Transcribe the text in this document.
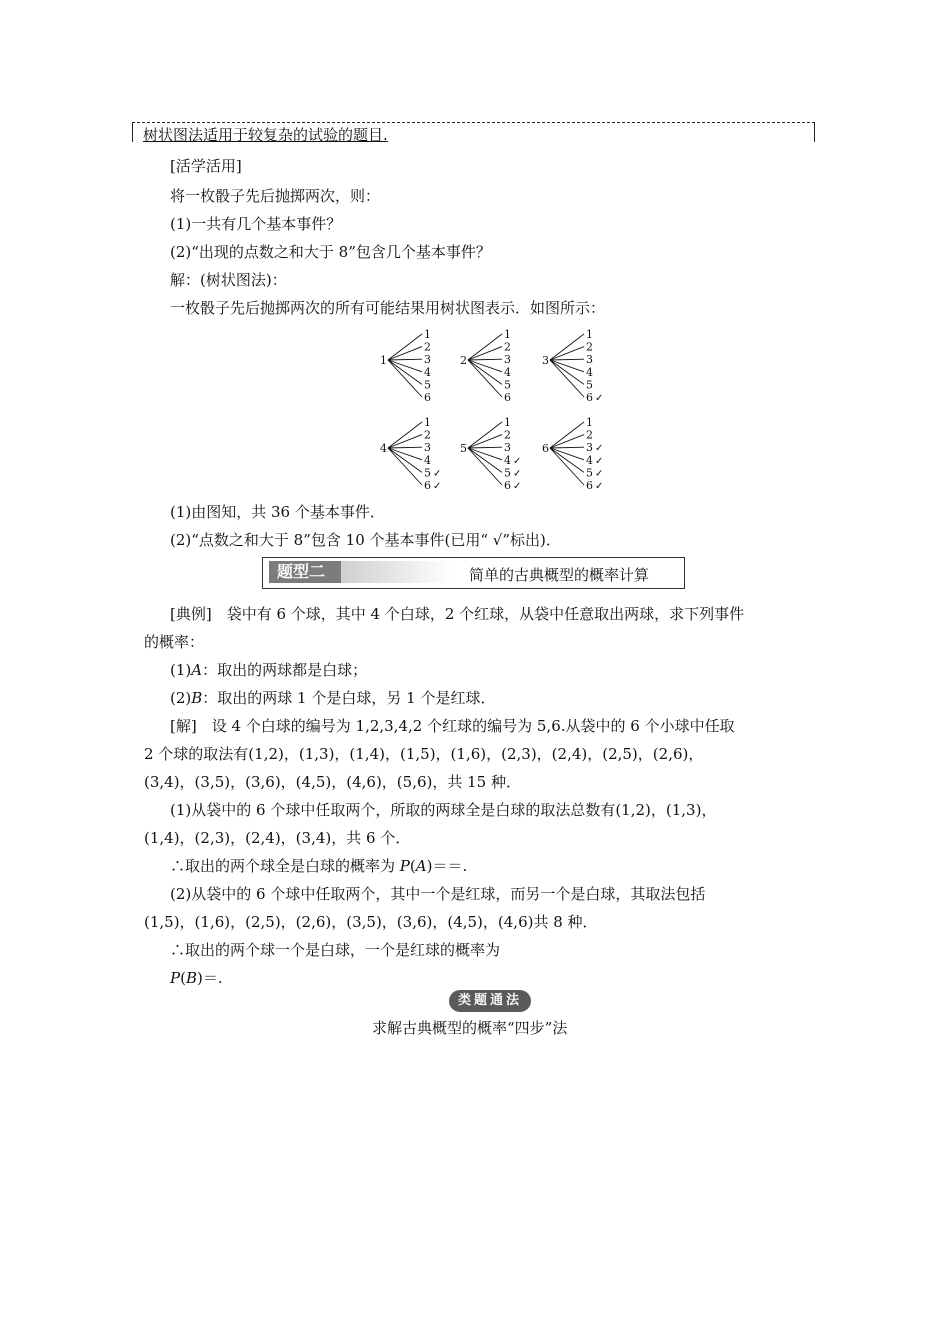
树状图法适用于较复杂的试验的题目.
[活学活用]
将一枚骰子先后抛掷两次，则：
(1)一共有几个基本事件？
(2)“出现的点数之和大于 8”包含几个基本事件？
解：(树状图法)：
一枚骰子先后抛掷两次的所有可能结果用树状图表示．如图所示：
1
1
2
3
4
5
6
2
1
2
3
4
5
6
3
1
2
3
4
5
6 ✓
4
1
2
3
4
5 ✓
6 ✓
5
1
2
3
4 ✓
5 ✓
6 ✓
6
1
2
3 ✓
4 ✓
5 ✓
6 ✓
(1)由图知，共 36 个基本事件．
(2)“点数之和大于 8”包含 10 个基本事件(已用“ √”标出)．
题型二	简单的古典概型的概率计算
[典例]　袋中有 6 个球，其中 4 个白球，2 个红球，从袋中任意取出两球，求下列事件
的概率：
(1)A：取出的两球都是白球；
(2)B：取出的两球 1 个是白球，另 1 个是红球．
[解]　设 4 个白球的编号为 1,2,3,4,2 个红球的编号为 5,6.从袋中的 6 个小球中任取
2 个球的取法有(1,2)，(1,3)，(1,4)，(1,5)，(1,6)，(2,3)，(2,4)，(2,5)，(2,6)，
(3,4)，(3,5)，(3,6)，(4,5)，(4,6)，(5,6)，共 15 种．
(1)从袋中的 6 个球中任取两个，所取的两球全是白球的取法总数有(1,2)，(1,3)，
(1,4)，(2,3)，(2,4)，(3,4)，共 6 个．
∴取出的两个球全是白球的概率为 P(A)＝＝.
(2)从袋中的 6 个球中任取两个，其中一个是红球，而另一个是白球，其取法包括
(1,5)，(1,6)，(2,5)，(2,6)，(3,5)，(3,6)，(4,5)，(4,6)共 8 种．
∴取出的两个球一个是白球，一个是红球的概率为
P(B)＝.
类题通法
求解古典概型的概率“四步”法
